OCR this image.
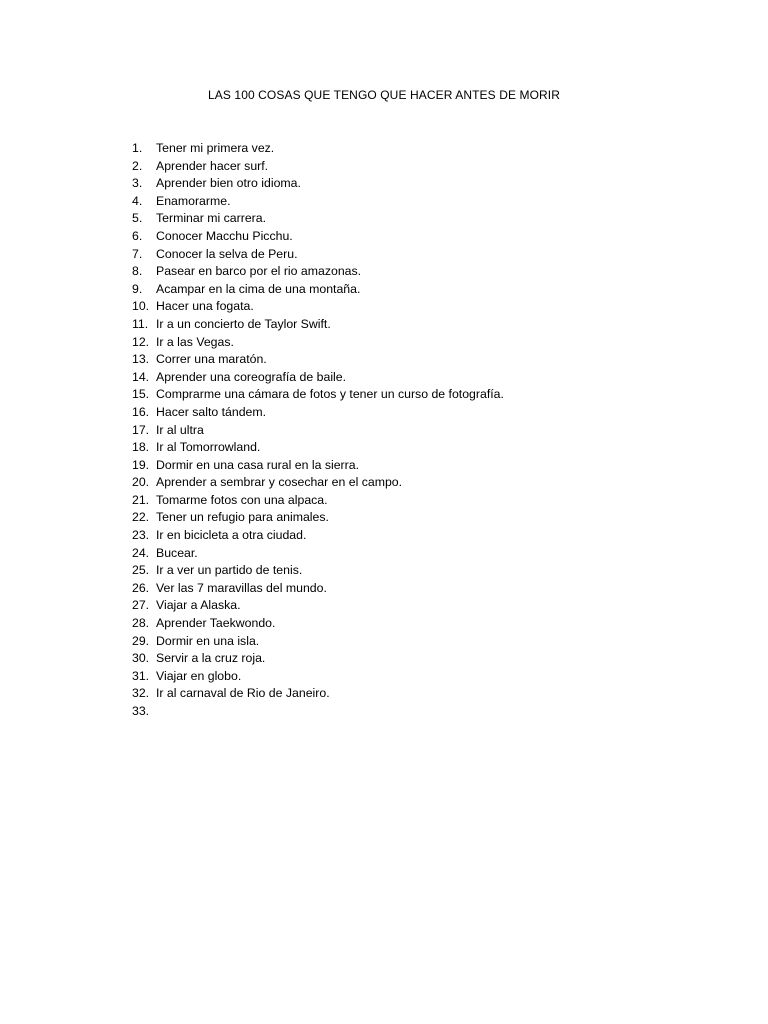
LAS 100 COSAS QUE TENGO QUE HACER ANTES DE MORIR
1.	Tener mi primera vez.
2.	Aprender hacer surf.
3.	Aprender bien otro idioma.
4.	Enamorarme.
5.	Terminar mi carrera.
6.	Conocer Macchu Picchu.
7.	Conocer la selva de Peru.
8.	Pasear en barco por el rio amazonas.
9.	Acampar en la cima de una montaña.
10. Hacer una fogata.
11. Ir a un concierto de Taylor Swift.
12. Ir a las Vegas.
13. Correr una maratón.
14. Aprender una coreografía de baile.
15. Comprarme una cámara de fotos y tener un curso de fotografía.
16. Hacer salto tándem.
17. Ir al ultra
18. Ir al Tomorrowland.
19. Dormir en una casa rural en la sierra.
20. Aprender a sembrar y cosechar en el campo.
21. Tomarme fotos con una alpaca.
22. Tener un refugio para animales.
23. Ir en bicicleta a otra ciudad.
24. Bucear.
25. Ir a ver un partido de tenis.
26. Ver las 7 maravillas del mundo.
27. Viajar a Alaska.
28. Aprender Taekwondo.
29. Dormir en una isla.
30. Servir a la cruz roja.
31. Viajar en globo.
32. Ir al carnaval de Rio de Janeiro.
33.
